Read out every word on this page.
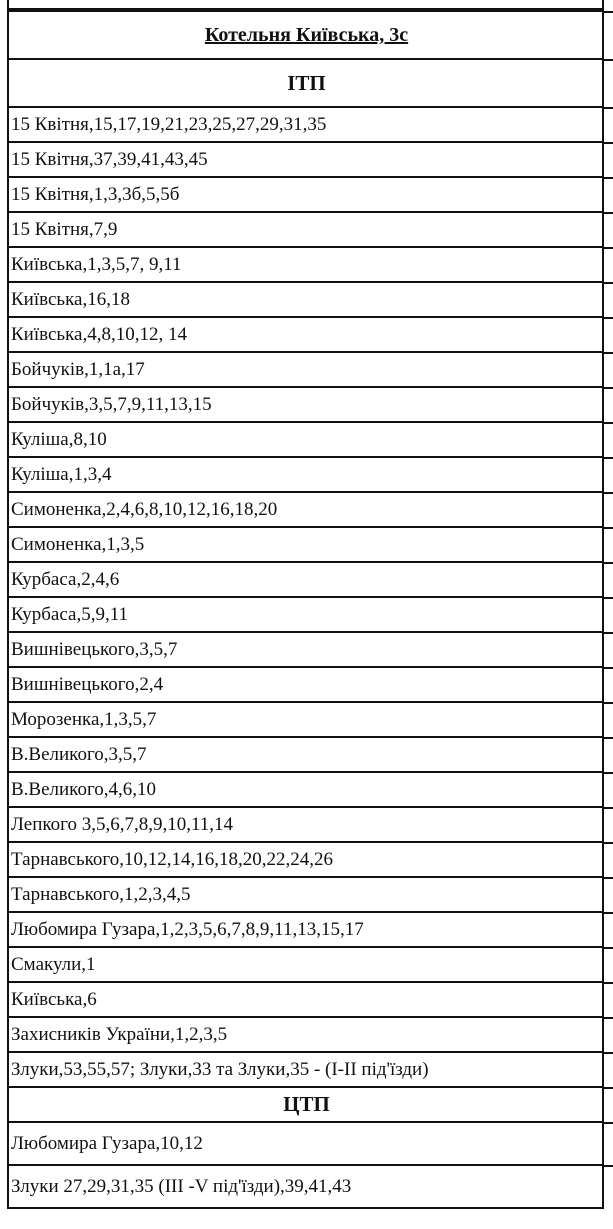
Котельня Київська, 3с
ІТП
15 Квітня,15,17,19,21,23,25,27,29,31,35
15 Квітня,37,39,41,43,45
15 Квітня,1,3,3б,5,5б
15 Квітня,7,9
Київська,1,3,5,7, 9,11
Київська,16,18
Київська,4,8,10,12, 14
Бойчуків,1,1а,17
Бойчуків,3,5,7,9,11,13,15
Куліша,8,10
Куліша,1,3,4
Симоненка,2,4,6,8,10,12,16,18,20
Симоненка,1,3,5
Курбаса,2,4,6
Курбаса,5,9,11
Вишнівецького,3,5,7
Вишнівецького,2,4
Морозенка,1,3,5,7
В.Великого,3,5,7
В.Великого,4,6,10
Лепкого 3,5,6,7,8,9,10,11,14
Тарнавського,10,12,14,16,18,20,22,24,26
Тарнавського,1,2,3,4,5
Любомира Гузара,1,2,3,5,6,7,8,9,11,13,15,17
Смакули,1
Київська,6
Захисників України,1,2,3,5
Злуки,53,55,57; Злуки,33 та Злуки,35 - (І-ІІ під'їзди)
ЦТП
Любомира Гузара,10,12
Злуки 27,29,31,35 (ІІІ -V під'їзди),39,41,43
